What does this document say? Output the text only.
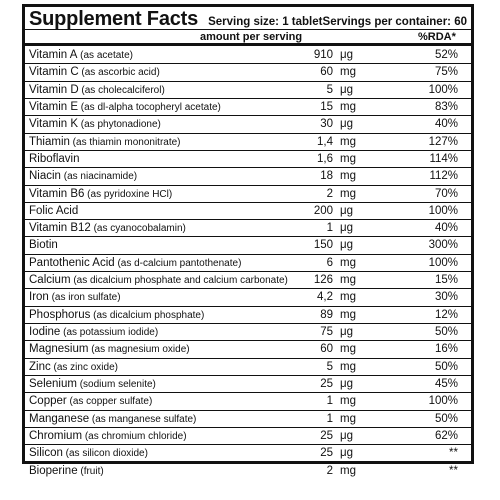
Supplement Facts Serving size: 1 tablet Servings per container: 60
amount per serving	%RDA*
Vitamin A (as acetate)	910 μg	52%
Vitamin C (as ascorbic acid)	60 mg	75%
Vitamin D (as cholecalciferol)	5 μg	100%
Vitamin E (as dl-alpha tocopheryl acetate)	15 mg	83%
Vitamin K (as phytonadione)	30 μg	40%
Thiamin (as thiamin mononitrate)	1,4 mg	127%
Riboflavin	1,6 mg	114%
Niacin (as niacinamide)	18 mg	112%
Vitamin B6 (as pyridoxine HCl)	2 mg	70%
Folic Acid	200 μg	100%
Vitamin B12 (as cyanocobalamin)	1 μg	40%
Biotin	150 μg	300%
Pantothenic Acid (as d-calcium pantothenate)	6 mg	100%
Calcium (as dicalcium phosphate and calcium carbonate)	126 mg	15%
Iron (as iron sulfate)	4,2 mg	30%
Phosphorus (as dicalcium phosphate)	89 mg	12%
Iodine (as potassium iodide)	75 μg	50%
Magnesium (as magnesium oxide)	60 mg	16%
Zinc (as zinc oxide)	5 mg	50%
Selenium (sodium selenite)	25 μg	45%
Copper (as copper sulfate)	1 mg	100%
Manganese (as manganese sulfate)	1 mg	50%
Chromium (as chromium chloride)	25 μg	62%
Silicon (as silicon dioxide)	25 μg	**
Bioperine (fruit)	2 mg	**
